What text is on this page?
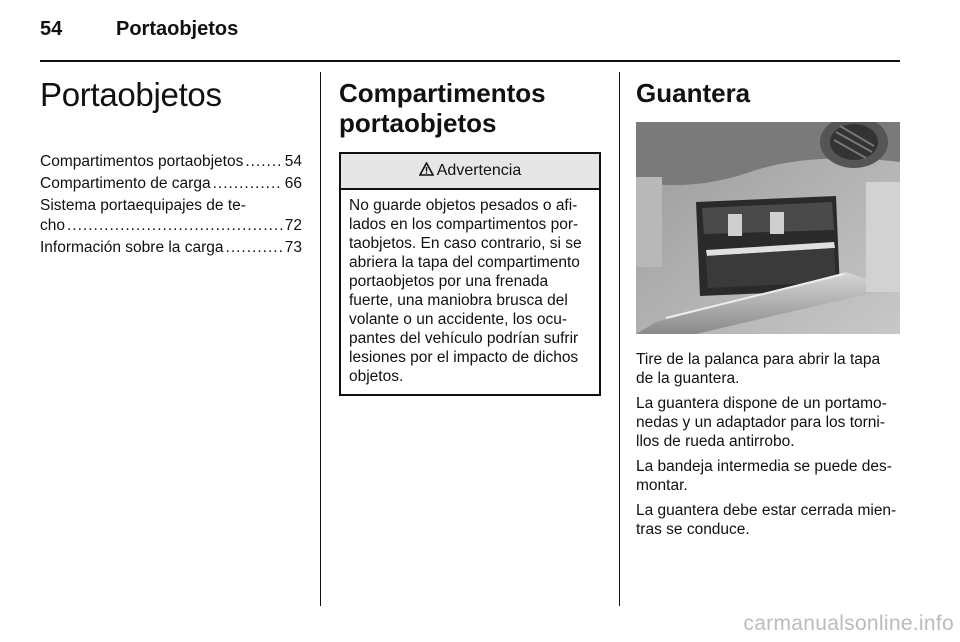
54	Portaobjetos
Portaobjetos
Compartimentos portaobjetos .....	54
Compartimento de carga .....	66
Sistema portaequipajes de te-
cho .....	72
Información sobre la carga .....	73
Compartimentos
portaobjetos
Advertencia
No guarde objetos pesados o afi-
lados en los compartimentos por-
taobjetos. En caso contrario, si se
abriera la tapa del compartimento
portaobjetos por una frenada
fuerte, una maniobra brusca del
volante o un accidente, los ocu-
pantes del vehículo podrían sufrir
lesiones por el impacto de dichos
objetos.
Guantera
Tire de la palanca para abrir la tapa
de la guantera.
La guantera dispone de un portamo-
nedas y un adaptador para los torni-
llos de rueda antirrobo.
La bandeja intermedia se puede des-
montar.
La guantera debe estar cerrada mien-
tras se conduce.
carmanualsonline.info
